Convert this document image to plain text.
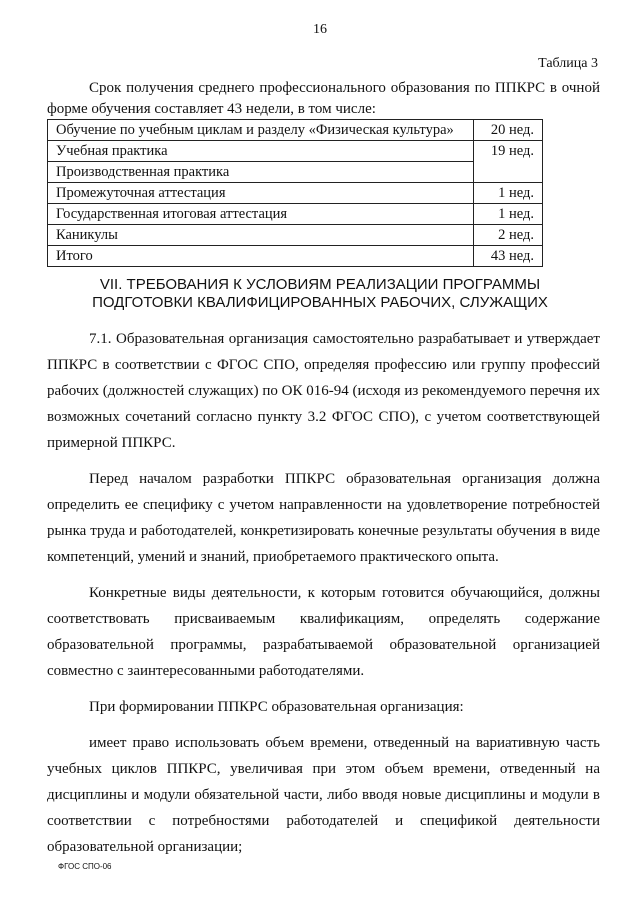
16
Таблица 3
Срок получения среднего профессионального образования по ППКРС в очной форме обучения составляет 43 недели, в том числе:
Обучение по учебным циклам и разделу «Физическая культура»	20 нед.
Учебная практика	19 нед.
Производственная практика	
Промежуточная аттестация	1 нед.
Государственная итоговая аттестация	1 нед.
Каникулы	2 нед.
Итого	43 нед.
VII. ТРЕБОВАНИЯ К УСЛОВИЯМ РЕАЛИЗАЦИИ ПРОГРАММЫ
ПОДГОТОВКИ КВАЛИФИЦИРОВАННЫХ РАБОЧИХ, СЛУЖАЩИХ

7.1. Образовательная организация самостоятельно разрабатывает и утверждает ППКРС в соответствии с ФГОС СПО, определяя профессию или группу профессий рабочих (должностей служащих) по ОК 016-94 (исходя из рекомендуемого перечня их возможных сочетаний согласно пункту 3.2 ФГОС СПО), с учетом соответствующей примерной ППКРС.

Перед началом разработки ППКРС образовательная организация должна определить ее специфику с учетом направленности на удовлетворение потребностей рынка труда и работодателей, конкретизировать конечные результаты обучения в виде компетенций, умений и знаний, приобретаемого практического опыта.

Конкретные виды деятельности, к которым готовится обучающийся, должны соответствовать присваиваемым квалификациям, определять содержание образовательной программы, разрабатываемой образовательной организацией совместно с заинтересованными работодателями.

При формировании ППКРС образовательная организация:

имеет право использовать объем времени, отведенный на вариативную часть учебных циклов ППКРС, увеличивая при этом объем времени, отведенный на дисциплины и модули обязательной части, либо вводя новые дисциплины и модули в соответствии с потребностями работодателей и спецификой деятельности образовательной организации;

ФГОС СПО-06
